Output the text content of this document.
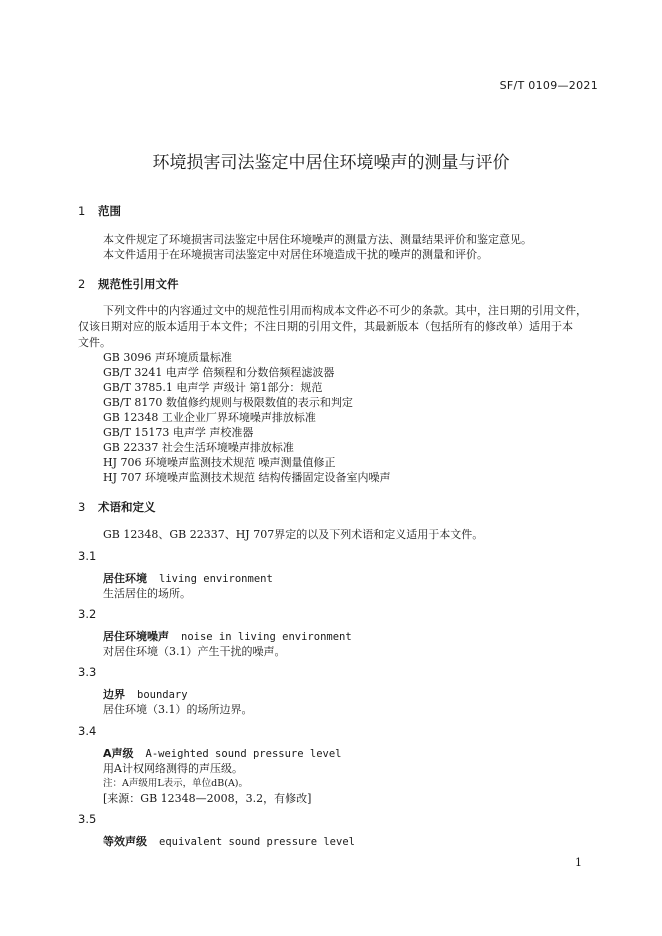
SF/T 0109—2021
环境损害司法鉴定中居住环境噪声的测量与评价
1 范围
本文件规定了环境损害司法鉴定中居住环境噪声的测量方法、测量结果评价和鉴定意见。
本文件适用于在环境损害司法鉴定中对居住环境造成干扰的噪声的测量和评价。
2 规范性引用文件
下列文件中的内容通过文中的规范性引用而构成本文件必不可少的条款。其中，注日期的引用文件，
仅该日期对应的版本适用于本文件；不注日期的引用文件，其最新版本（包括所有的修改单）适用于本
文件。
GB 3096 声环境质量标准
GB/T 3241 电声学 倍频程和分数倍频程滤波器
GB/T 3785.1 电声学 声级计 第1部分：规范
GB/T 8170 数值修约规则与极限数值的表示和判定
GB 12348 工业企业厂界环境噪声排放标准
GB/T 15173 电声学 声校准器
GB 22337 社会生活环境噪声排放标准
HJ 706 环境噪声监测技术规范 噪声测量值修正
HJ 707 环境噪声监测技术规范 结构传播固定设备室内噪声
3 术语和定义
GB 12348、GB 22337、HJ 707界定的以及下列术语和定义适用于本文件。
3.1
居住环境 living environment
生活居住的场所。
3.2
居住环境噪声 noise in living environment
对居住环境（3.1）产生干扰的噪声。
3.3
边界 boundary
居住环境（3.1）的场所边界。
3.4
A声级 A-weighted sound pressure level
用A计权网络测得的声压级。
注：A声级用L表示，单位dB(A)。
[来源：GB 12348—2008，3.2，有修改]
3.5
等效声级 equivalent sound pressure level
1
